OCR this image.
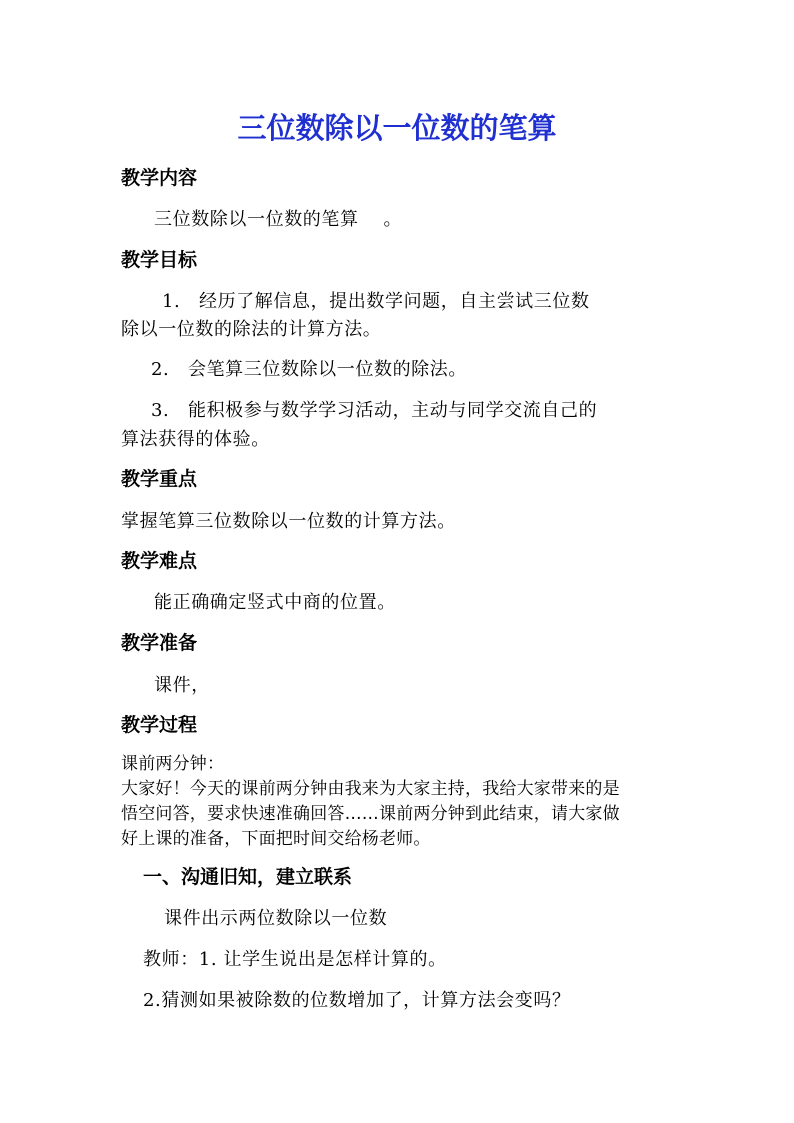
三位数除以一位数的笔算
教学内容
三位数除以一位数的笔算　 。
教学目标
1.　经历了解信息，提出数学问题，自主尝试三位数
除以一位数的除法的计算方法。
2.　会笔算三位数除以一位数的除法。
3.　能积极参与数学学习活动，主动与同学交流自己的
算法获得的体验。
教学重点
掌握笔算三位数除以一位数的计算方法。
教学难点
能正确确定竖式中商的位置。
教学准备
课件，
教学过程
课前两分钟：
大家好！今天的课前两分钟由我来为大家主持，我给大家带来的是
悟空问答，要求快速准确回答……课前两分钟到此结束，请大家做
好上课的准备，下面把时间交给杨老师。
一、沟通旧知，建立联系
课件出示两位数除以一位数
教师：1. 让学生说出是怎样计算的。
2.猜测如果被除数的位数增加了，计算方法会变吗？
